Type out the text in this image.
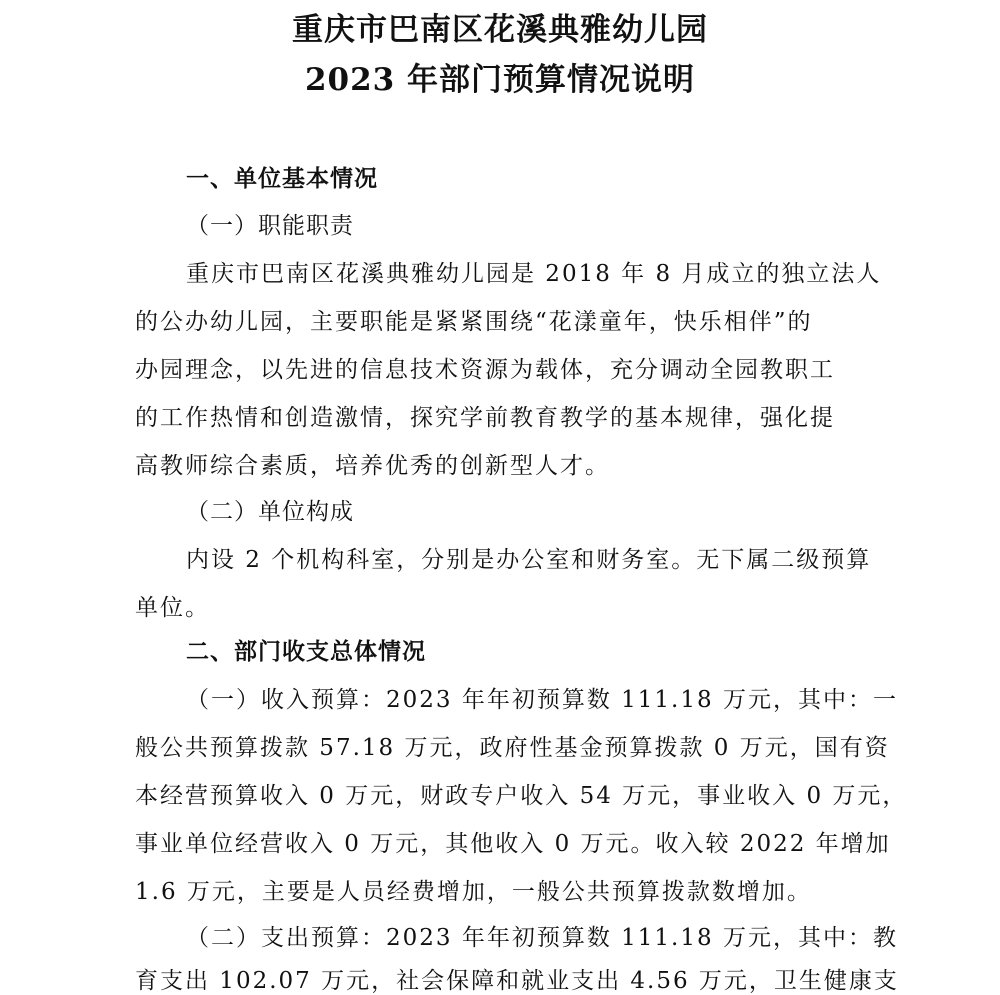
重庆市巴南区花溪典雅幼儿园
2023 年部门预算情况说明
一、单位基本情况
（一）职能职责
重庆市巴南区花溪典雅幼儿园是 2018 年 8 月成立的独立法人
的公办幼儿园，主要职能是紧紧围绕“花漾童年，快乐相伴”的
办园理念，以先进的信息技术资源为载体，充分调动全园教职工
的工作热情和创造激情，探究学前教育教学的基本规律，强化提
高教师综合素质，培养优秀的创新型人才。
（二）单位构成
内设 2 个机构科室，分别是办公室和财务室。无下属二级预算
单位。
二、部门收支总体情况
（一）收入预算：2023 年年初预算数 111.18 万元，其中：一
般公共预算拨款 57.18 万元，政府性基金预算拨款 0 万元，国有资
本经营预算收入 0 万元，财政专户收入 54 万元，事业收入 0 万元，
事业单位经营收入 0 万元，其他收入 0 万元。收入较 2022 年增加
1.6 万元，主要是人员经费增加，一般公共预算拨款数增加。
（二）支出预算：2023 年年初预算数 111.18 万元，其中：教
育支出 102.07 万元，社会保障和就业支出 4.56 万元，卫生健康支
